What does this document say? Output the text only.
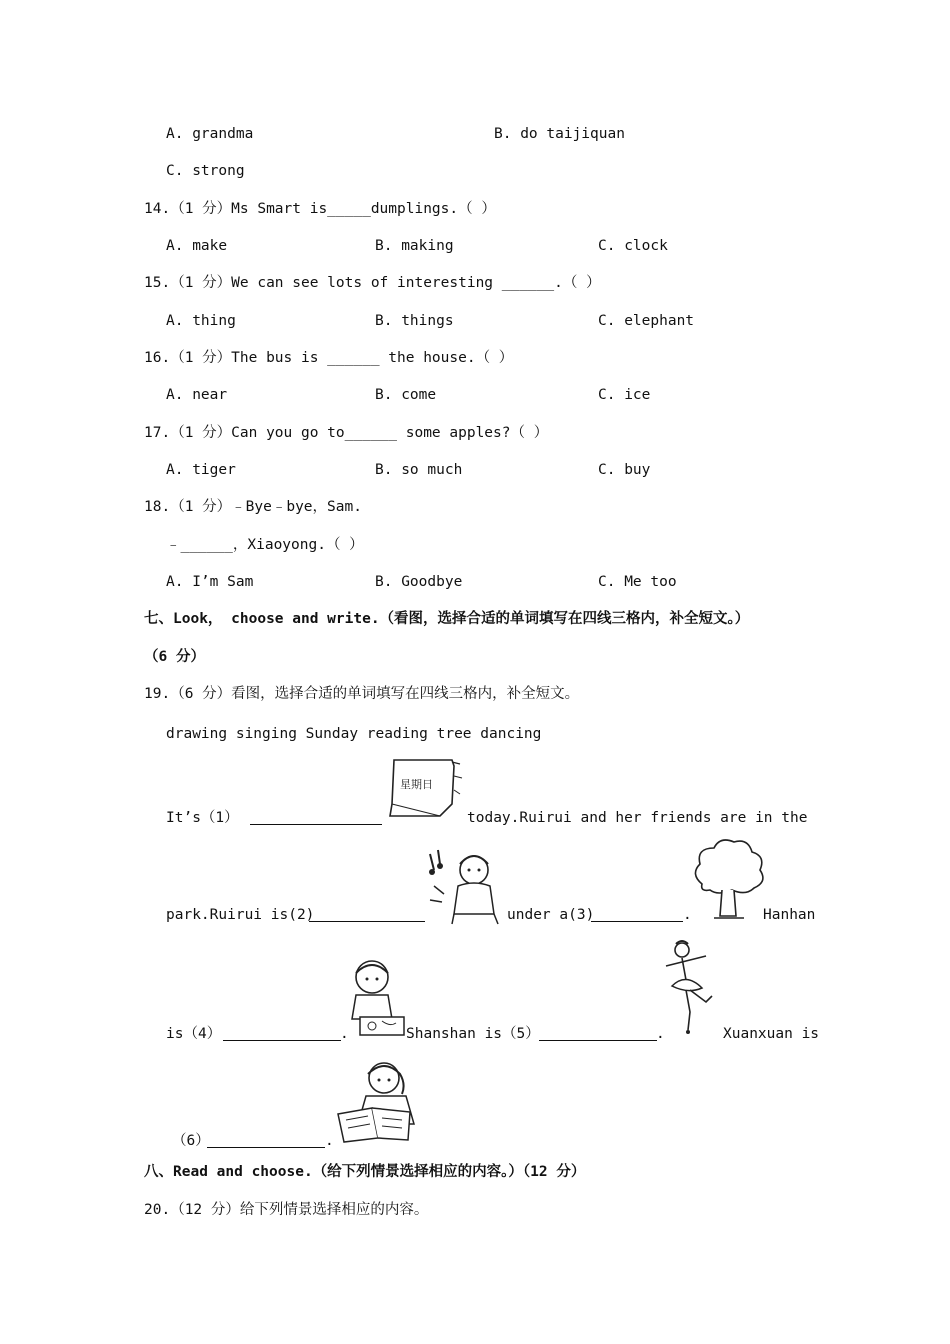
A. grandma	B. do taijiquan
C. strong
14.（1 分）Ms Smart is_____dumplings.（ ）
A. make	B. making	C. clock
15.（1 分）We can see lots of interesting ______.（ ）
A. thing	B. things	C. elephant
16.（1 分）The bus is ______ the house.（ ）
A. near	B. come	C. ice
17.（1 分）Can you go to______ some apples?（ ）
A. tiger	B. so much	C. buy
18.（1 分）﹣Bye﹣bye，Sam.
﹣______，Xiaoyong.（ ）
A. I’m Sam	B. Goodbye	C. Me too
七、Look， choose and write.（看图，选择合适的单词填写在四线三格内，补全短文。）
（6 分）
19.（6 分）看图，选择合适的单词填写在四线三格内，补全短文。
drawing singing Sunday reading tree dancing
星期日
It’s（1）	today.Ruirui and her friends are in the
park.Ruirui is(2)	under a(3)	.	Hanhan
is（4）	.	Shanshan is（5）	.	Xuanxuan is
（6）	.
八、Read and choose.（给下列情景选择相应的内容。）（12 分）
20.（12 分）给下列情景选择相应的内容。
